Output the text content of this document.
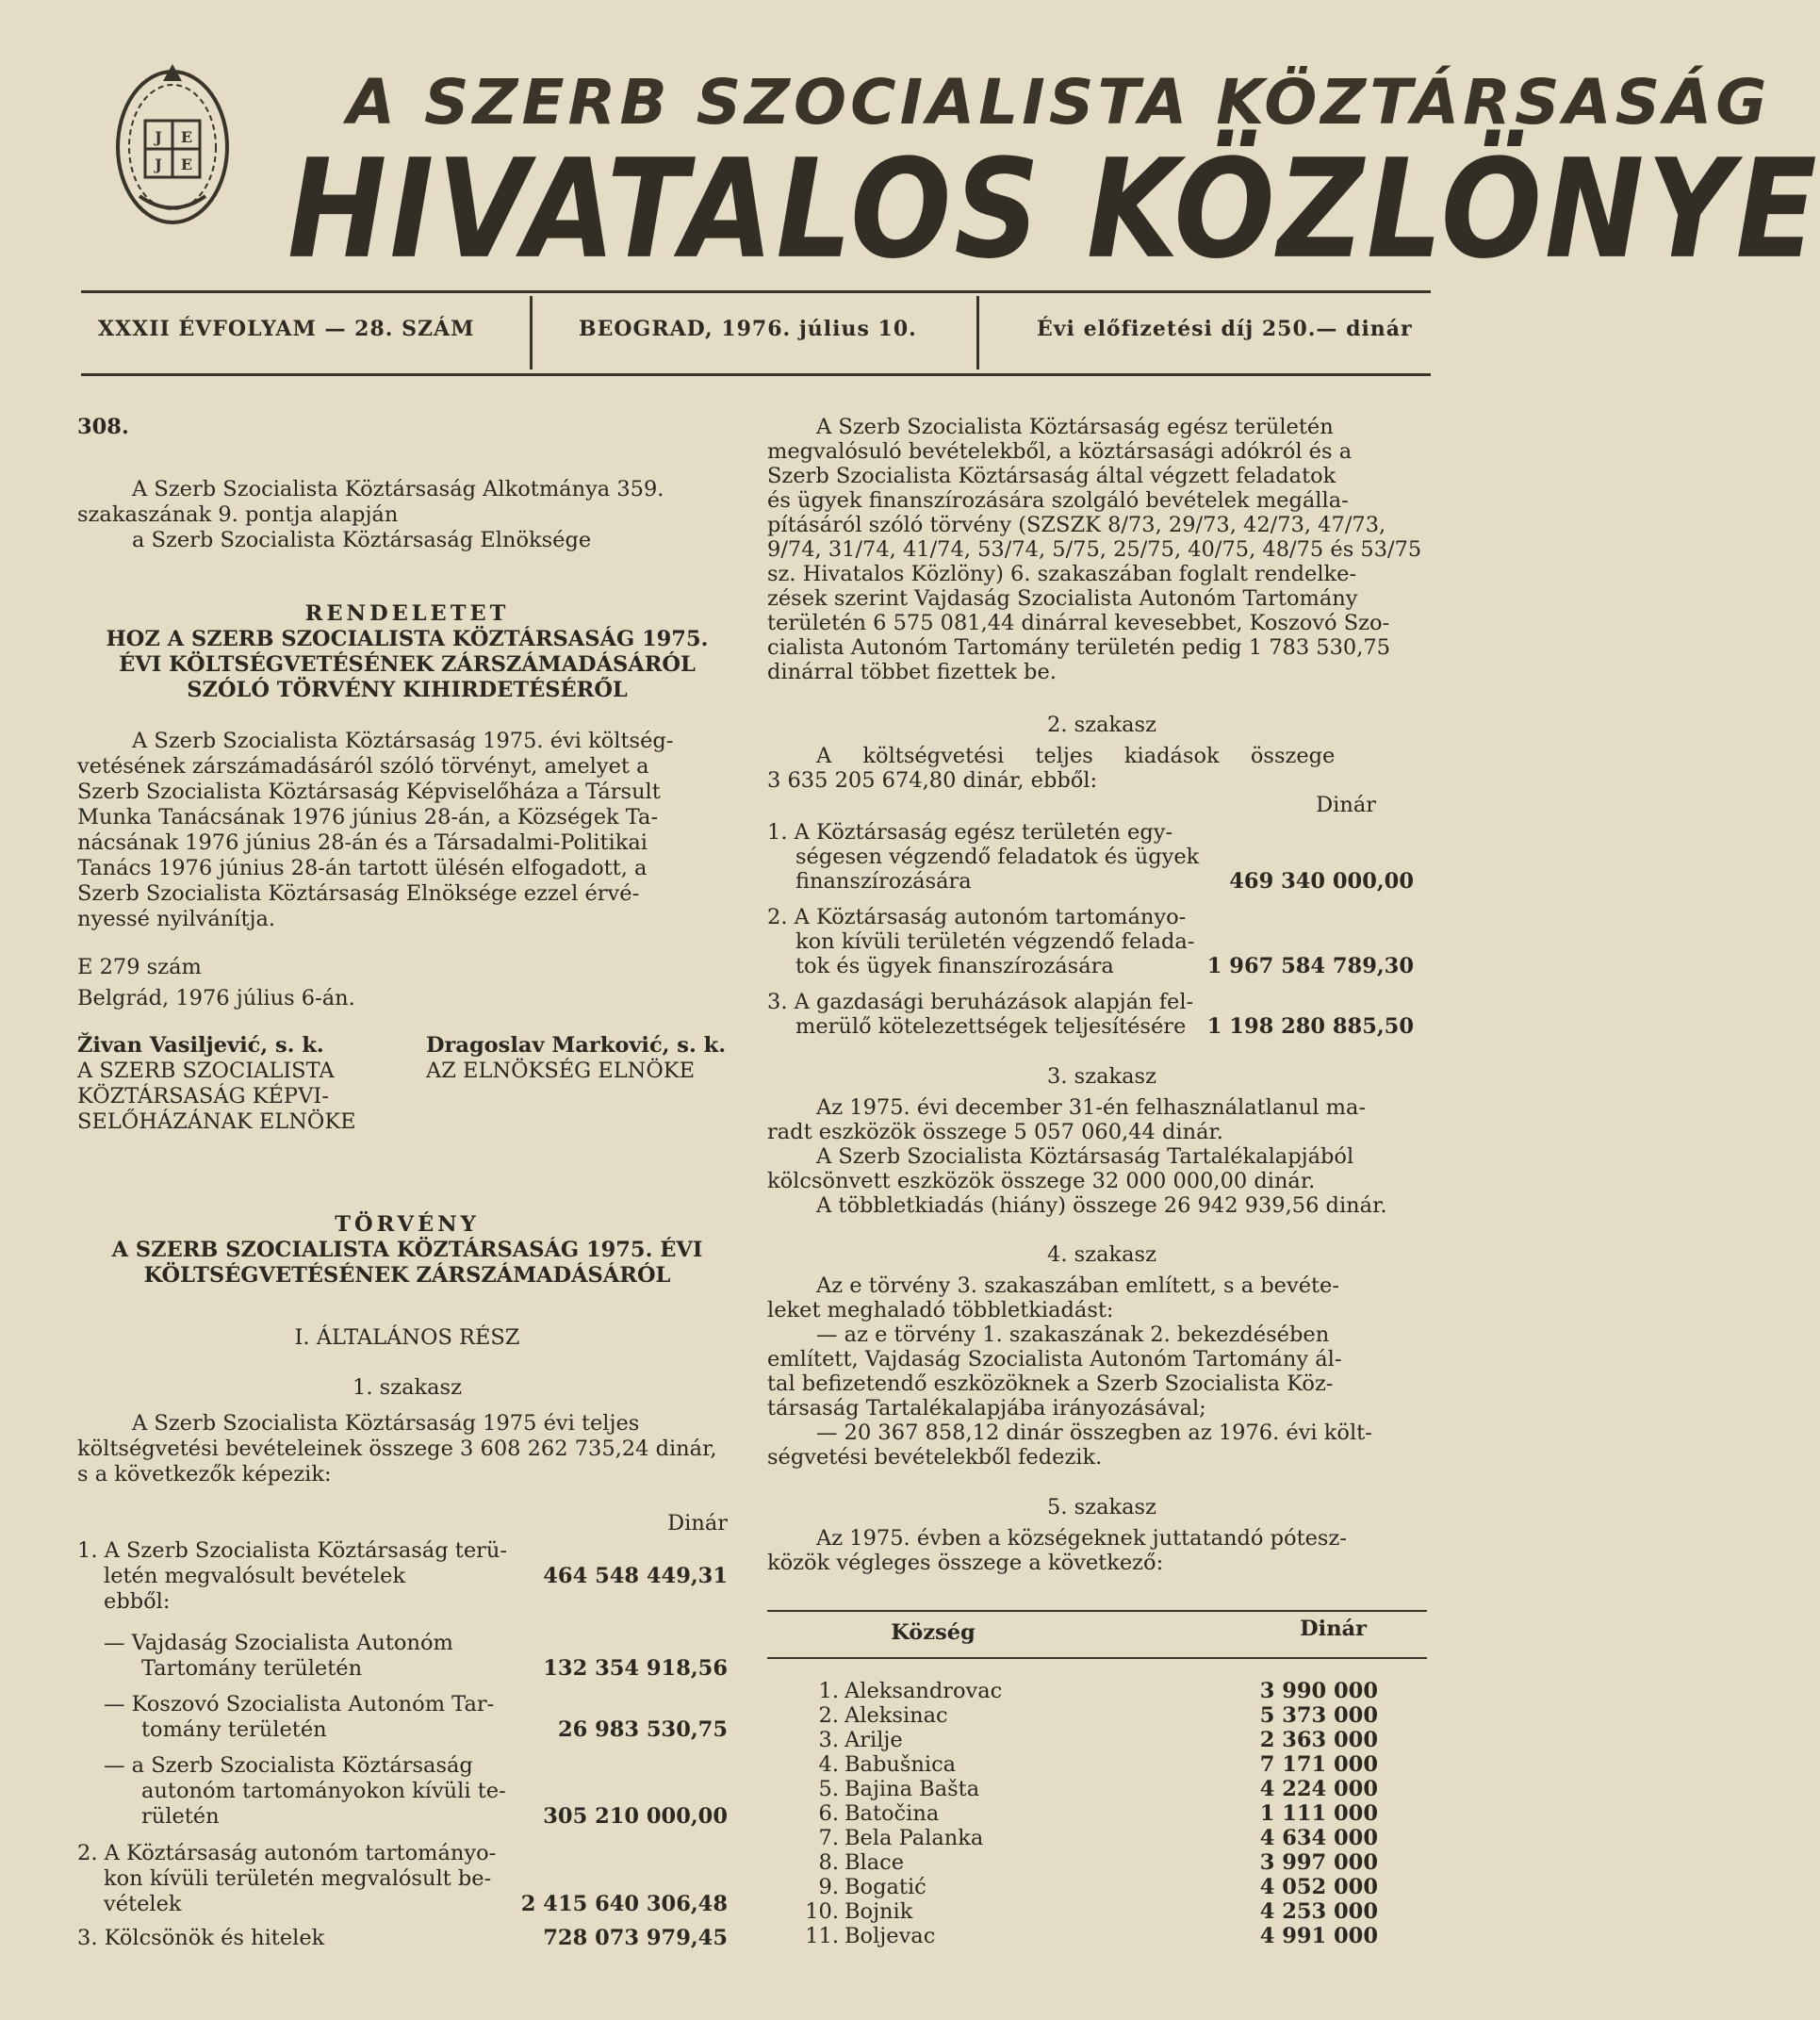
Ј Е
Ј Е
A SZERB SZOCIALISTA KÖZTÁRSASÁG
HIVATALOS KÖZLÖNYE
XXXII ÉVFOLYAM — 28. SZÁM	BEOGRAD, 1976. július 10.	Évi előfizetési díj 250.— dinár
308.
A Szerb Szocialista Köztársaság Alkotmánya 359.
szakaszának 9. pontja alapján
a Szerb Szocialista Köztársaság Elnöksége
RENDELETET
HOZ A SZERB SZOCIALISTA KÖZTÁRSASÁG 1975.
ÉVI KÖLTSÉGVETÉSÉNEK ZÁRSZÁMADÁSÁRÓL
SZÓLÓ TÖRVÉNY KIHIRDETÉSÉRŐL
A Szerb Szocialista Köztársaság 1975. évi költség-
vetésének zárszámadásáról szóló törvényt, amelyet a
Szerb Szocialista Köztársaság Képviselőháza a Társult
Munka Tanácsának 1976 június 28-án, a Községek Ta-
nácsának 1976 június 28-án és a Társadalmi-Politikai
Tanács 1976 június 28-án tartott ülésén elfogadott, a
Szerb Szocialista Köztársaság Elnöksége ezzel érvé-
nyessé nyilvánítja.
E 279 szám
Belgrád, 1976 július 6-án.
Živan Vasiljević, s. k.
A SZERB SZOCIALISTA
KÖZTÁRSASÁG KÉPVI-
SELŐHÁZÁNAK ELNÖKE
Dragoslav Marković, s. k.
AZ ELNÖKSÉG ELNÖKE
TÖRVÉNY
A SZERB SZOCIALISTA KÖZTÁRSASÁG 1975. ÉVI
KÖLTSÉGVETÉSÉNEK ZÁRSZÁMADÁSÁRÓL
I. ÁLTALÁNOS RÉSZ
1. szakasz
A Szerb Szocialista Köztársaság 1975 évi teljes
költségvetési bevételeinek összege 3 608 262 735,24 dinár,
s a következők képezik:
Dinár
1. A Szerb Szocialista Köztársaság terü-
letén megvalósult bevételek
ebből:
464 548 449,31
— Vajdaság Szocialista Autonóm
Tartomány területén	132 354 918,56
— Koszovó Szocialista Autonóm Tar-
tomány területén	26 983 530,75
— a Szerb Szocialista Köztársaság
autonóm tartományokon kívüli te-
rületén	305 210 000,00
2. A Köztársaság autonóm tartományo-
kon kívüli területén megvalósult be-
vételek	2 415 640 306,48
3. Kölcsönök és hitelek	728 073 979,45
A Szerb Szocialista Köztársaság egész területén
megvalósuló bevételekből, a köztársasági adókról és a
Szerb Szocialista Köztársaság által végzett feladatok
és ügyek finanszírozására szolgáló bevételek megálla-
pításáról szóló törvény (SZSZK 8/73, 29/73, 42/73, 47/73,
9/74, 31/74, 41/74, 53/74, 5/75, 25/75, 40/75, 48/75 és 53/75
sz. Hivatalos Közlöny) 6. szakaszában foglalt rendelke-
zések szerint Vajdaság Szocialista Autonóm Tartomány
területén 6 575 081,44 dinárral kevesebbet, Koszovó Szo-
cialista Autonóm Tartomány területén pedig 1 783 530,75
dinárral többet fizettek be.
2. szakasz
A költségvetési teljes kiadások összege
3 635 205 674,80 dinár, ebből:
Dinár
1. A Köztársaság egész területén egy-
ségesen végzendő feladatok és ügyek
finanszírozására	469 340 000,00
2. A Köztársaság autonóm tartományo-
kon kívüli területén végzendő felada-
tok és ügyek finanszírozására	1 967 584 789,30
3. A gazdasági beruházások alapján fel-
merülő kötelezettségek teljesítésére 1 198 280 885,50
3. szakasz
Az 1975. évi december 31-én felhasználatlanul ma-
radt eszközök összege 5 057 060,44 dinár.
A Szerb Szocialista Köztársaság Tartalékalapjából
kölcsönvett eszközök összege 32 000 000,00 dinár.
A többletkiadás (hiány) összege 26 942 939,56 dinár.
4. szakasz
Az e törvény 3. szakaszában említett, s a bevéte-
leket meghaladó többletkiadást:
— az e törvény 1. szakaszának 2. bekezdésében
említett, Vajdaság Szocialista Autonóm Tartomány ál-
tal befizetendő eszközöknek a Szerb Szocialista Köz-
társaság Tartalékalapjába irányozásával;
— 20 367 858,12 dinár összegben az 1976. évi költ-
ségvetési bevételekből fedezik.
5. szakasz
Az 1975. évben a községeknek juttatandó pótesz-
közök végleges összege a következő:
Község	Dinár
1. Aleksandrovac	3 990 000
2. Aleksinac	5 373 000
3. Arilje	2 363 000
4. Babušnica	7 171 000
5. Bajina Bašta	4 224 000
6. Batočina	1 111 000
7. Bela Palanka	4 634 000
8. Blace	3 997 000
9. Bogatić	4 052 000
10. Bojnik	4 253 000
11. Boljevac	4 991 000
